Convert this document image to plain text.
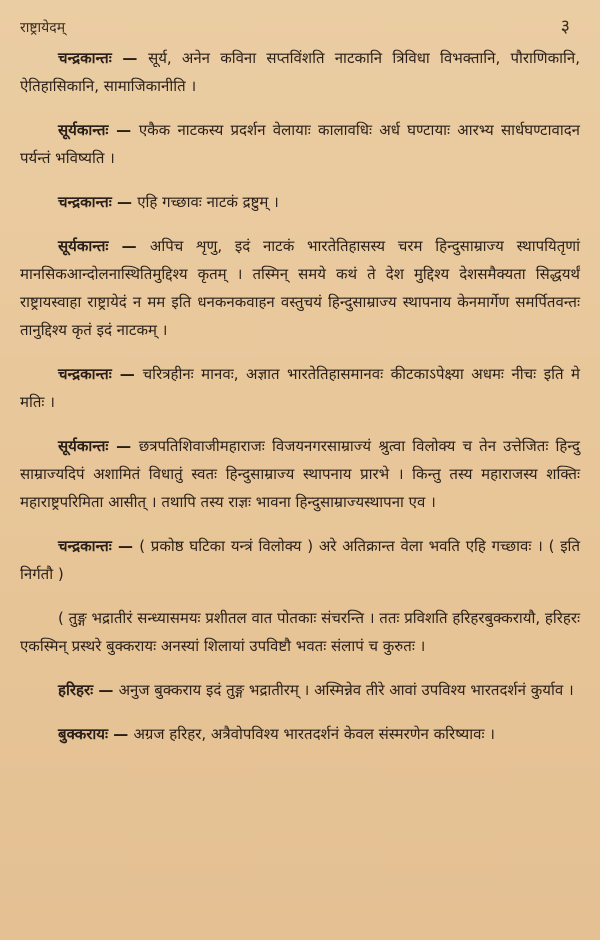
राष्ट्रायेदम्	३

चन्द्रकान्तः — सूर्य, अनेन कविना सप्तविंशति नाटकानि त्रिविधा विभक्तानि, पौराणिकानि, ऐतिहासिकानि, सामाजिकानीति ।

सूर्यकान्तः — एकैक नाटकस्य प्रदर्शन वेलायाः कालावधिः अर्ध घण्टायाः आरभ्य सार्धघण्टावादन पर्यन्तं भविष्यति ।

चन्द्रकान्तः — एहि गच्छावः नाटकं द्रष्टुम् ।

सूर्यकान्तः — अपिच शृणु, इदं नाटकं भारतेतिहासस्य चरम हिन्दुसाम्राज्य स्थापयितृणां मानसिकआन्दोलनास्थितिमुद्दिश्य कृतम् । तस्मिन् समये कथं ते देश मुद्दिश्य देशसमैक्यता सिद्धयर्थं राष्ट्रायस्वाहा राष्ट्रायेदं न मम इति धनकनकवाहन वस्तुचयं हिन्दुसाम्राज्य स्थापनाय केनमार्गेण समर्पितवन्तः तानुद्दिश्य कृतं इदं नाटकम् ।

चन्द्रकान्तः — चरित्रहीनः मानवः, अज्ञात भारतेतिहासमानवः कीटकाऽपेक्ष्या अधमः नीचः इति मे मतिः ।

सूर्यकान्तः — छत्रपतिशिवाजीमहाराजः विजयनगरसाम्राज्यं श्रुत्वा विलोक्य च तेन उत्तेजितः हिन्दु साम्राज्यदिपं अशामितं विधातुं स्वतः हिन्दुसाम्राज्य स्थापनाय प्रारभे । किन्तु तस्य महाराजस्य शक्तिः महाराष्ट्रपरिमिता आसीत् । तथापि तस्य राज्ञः भावना हिन्दुसाम्राज्यस्थापना एव ।

चन्द्रकान्तः — ( प्रकोष्ठ घटिका यन्त्रं विलोक्य ) अरे अतिक्रान्त वेला भवति एहि गच्छावः । ( इति निर्गतौ )

( तुङ्ग भद्रातीरं सन्ध्यासमयः प्रशीतल वात पोतकाः संचरन्ति । ततः प्रविशति हरिहरबुक्करायौ, हरिहरः एकस्मिन् प्रस्थरे बुक्करायः अनस्यां शिलायां उपविष्टौ भवतः संलापं च कुरुतः ।

हरिहरः — अनुज बुक्कराय इदं तुङ्ग भद्रातीरम् । अस्मिन्नेव तीरे आवां उपविश्य भारतदर्शनं कुर्याव ।

बुक्करायः — अग्रज हरिहर, अत्रैवोपविश्य भारतदर्शनं केवल संस्मरणेन करिष्यावः ।
